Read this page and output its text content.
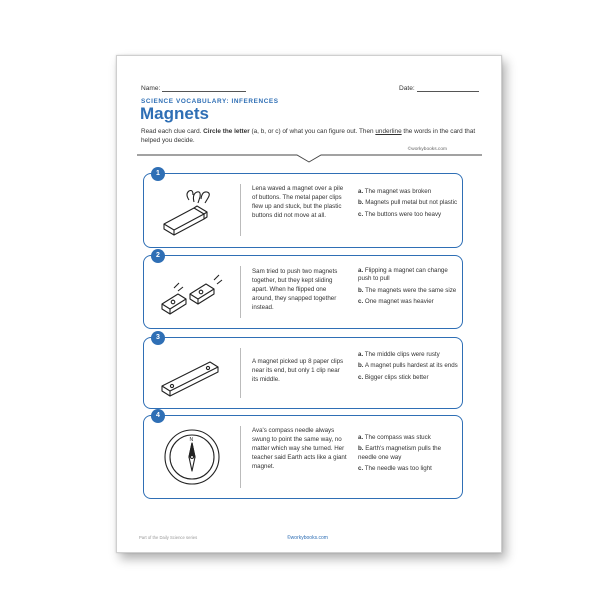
Name:	Date:
SCIENCE VOCABULARY: INFERENCES
Magnets
Read each clue card. Circle the letter (a, b, or c) of what you can figure out. Then underline the words in the card that helped you decide.
©workybooks.com
1
Lena waved a magnet over a pile of buttons. The metal paper clips flew up and stuck, but the plastic buttons did not move at all.
a. The magnet was broken
b. Magnets pull metal but not plastic
c. The buttons were too heavy
2
Sam tried to push two magnets together, but they kept sliding apart. When he flipped one around, they snapped together instead.
a. Flipping a magnet can change push to pull
b. The magnets were the same size
c. One magnet was heavier
3
A magnet picked up 8 paper clips near its end, but only 1 clip near its middle.
a. The middle clips were rusty
b. A magnet pulls hardest at its ends
c. Bigger clips stick better
4
N
Ava's compass needle always swung to point the same way, no matter which way she turned. Her teacher said Earth acts like a giant magnet.
a. The compass was stuck
b. Earth's magnetism pulls the needle one way
c. The needle was too light
Part of the Daily Science series	©workybooks.com
